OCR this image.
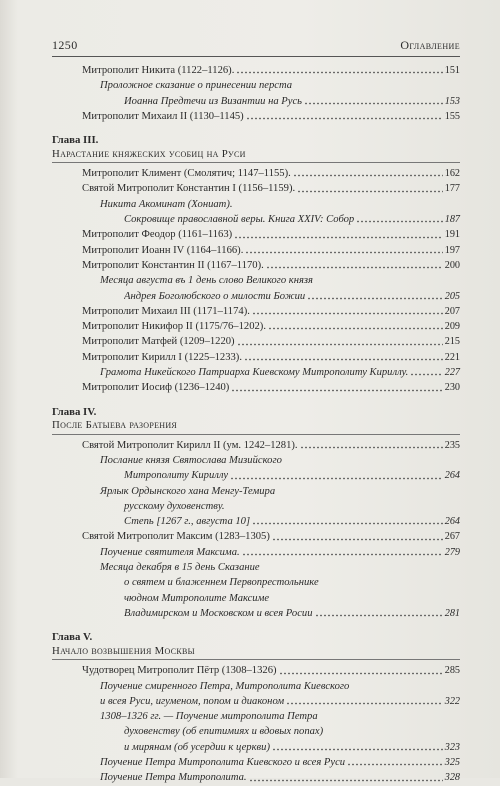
1250	Оглавление
Митрополит Никита (1122–1126).	151
Проложное сказание о принесении перста
Иоанна Предтечи из Византии на Русь	153
Митрополит Михаил II (1130–1145)	155
Глава III.
Нарастание княжеских усобиц на Руси
Митрополит Климент (Смолятич; 1147–1155).	162
Святой Митрополит Константин I (1156–1159).	177
Никита Акоминат (Хониат).
Сокровище православной веры. Книга XXIV: Собор	187
Митрополит Феодор (1161–1163)	191
Митрополит Иоанн IV (1164–1166).	197
Митрополит Константин II (1167–1170).	200
Месяца августа въ 1 день слово Великого князя
Андрея Боголюбского о милости Божии	205
Митрополит Михаил III (1171–1174).	207
Митрополит Никифор II (1175/76–1202).	209
Митрополит Матфей (1209–1220)	215
Митрополит Кирилл I (1225–1233).	221
Грамота Никейского Патриарха Киевскому Митрополиту Кириллу.	227
Митрополит Иосиф (1236–1240)	230
Глава IV.
После Батыева разорения
Святой Митрополит Кирилл II (ум. 1242–1281).	235
Послание князя Святослава Мизийского
Митрополиту Кириллу	264
Ярлык Ордынского хана Менгу-Темира
русскому духовенству.
Степь [1267 г., августа 10]	264
Святой Митрополит Максим (1283–1305)	267
Поучение святителя Максима.	279
Месяца декабря в 15 день Сказание
о святем и блаженнем Первопрестольнике
чюдном Митрополите Максиме
Владимирском и Московском и всея Росии	281
Глава V.
Начало возвышения Москвы
Чудотворец Митрополит Пётр (1308–1326)	285
Поучение смиренного Петра, Митрополита Киевского
и всея Руси, игуменом, попом и диаконом	322
1308–1326 гг. — Поучение митрополита Петра
духовенству (об епитимиях и вдовых попах)
и мирянам (об усердии к церкви)	323
Поучение Петра Митрополита Киевского и всея Руси	325
Поучение Петра Митрополита.	328
